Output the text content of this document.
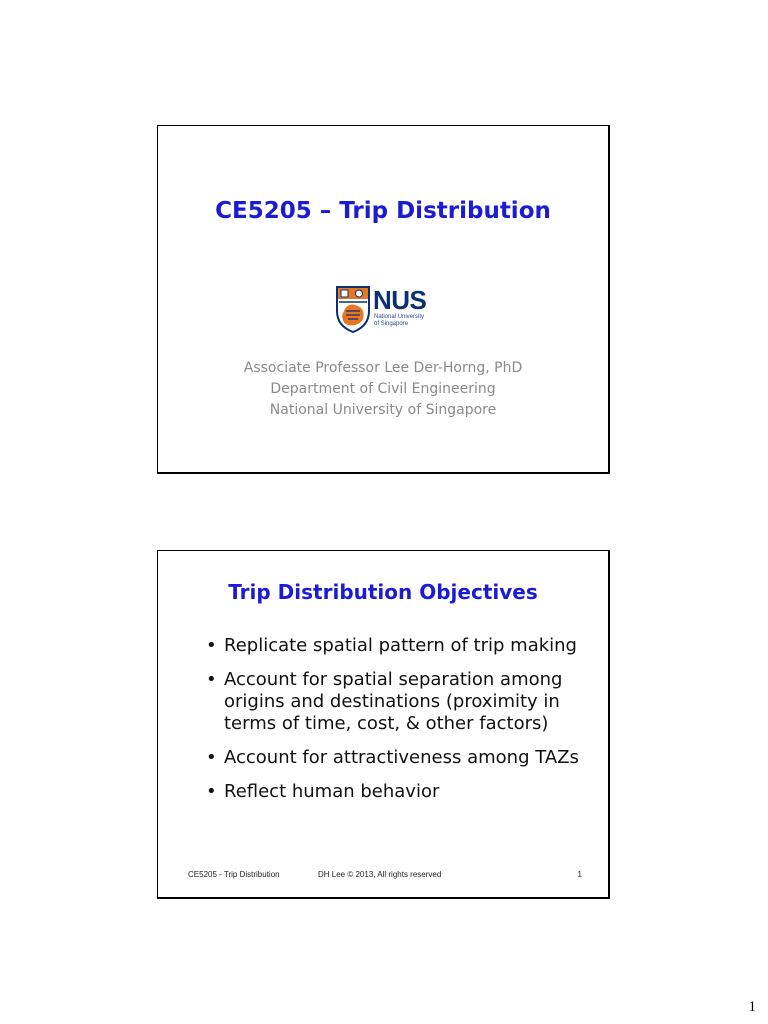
CE5205 – Trip Distribution
NUS
National University
of Singapore
Associate Professor Lee Der-Horng, PhD
Department of Civil Engineering
National University of Singapore
Trip Distribution Objectives
• Replicate spatial pattern of trip making
• Account for spatial separation among origins and destinations (proximity in terms of time, cost, & other factors)
• Account for attractiveness among TAZs
• Reflect human behavior
CE5205 - Trip Distribution	DH Lee © 2013, All rights reserved	1
1
